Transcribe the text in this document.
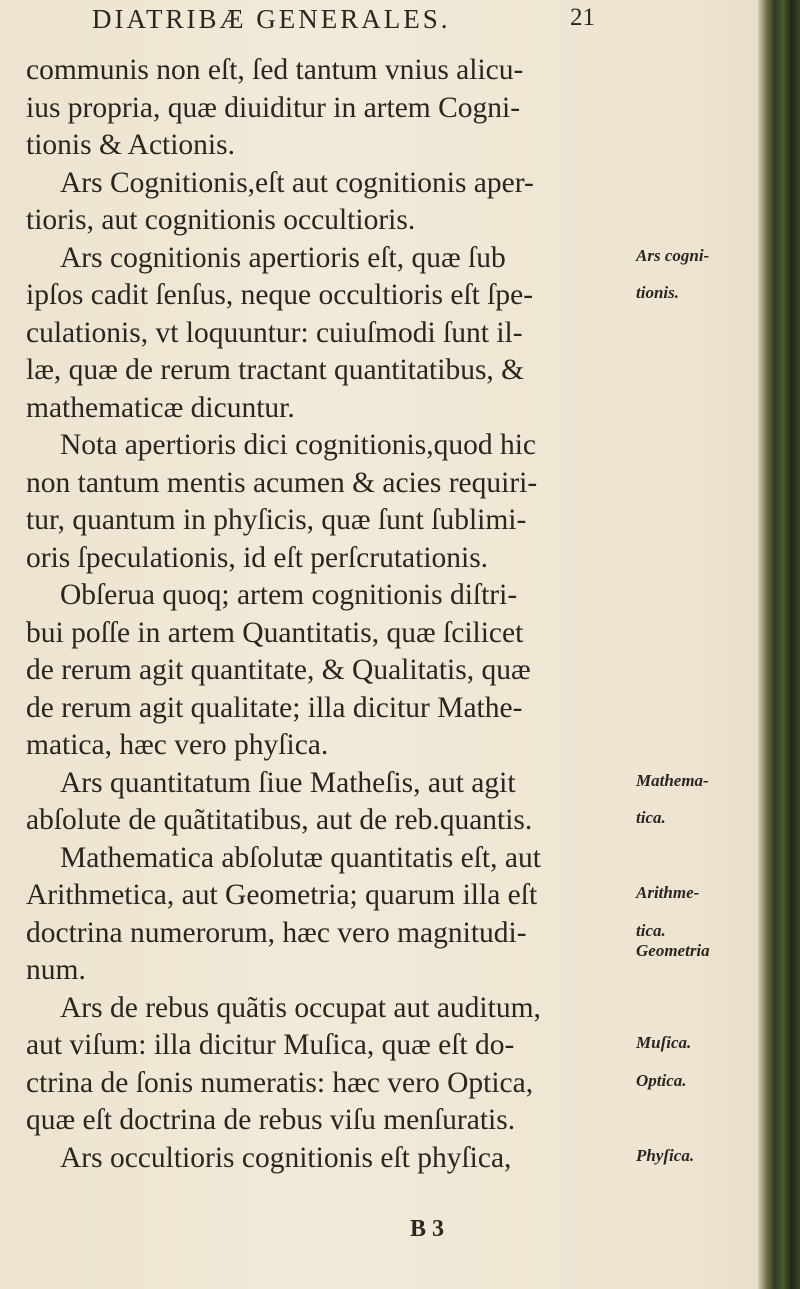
DIATRIBÆ GENERALES.	21
communis non eſt, ſed tantum vnius alicu-
ius propria, quæ diuiditur in artem Cogni-
tionis & Actionis.
Ars Cognitionis,eſt aut cognitionis aper-
tioris, aut cognitionis occultioris.
Ars cognitionis apertioris eſt, quæ ſub
ipſos cadit ſenſus, neque occultioris eſt ſpe-
culationis, vt loquuntur: cuiuſmodi ſunt il-
læ, quæ de rerum tractant quantitatibus, &
mathematicæ dicuntur.
Nota apertioris dici cognitionis,quod hic
non tantum mentis acumen & acies requiri-
tur, quantum in phyſicis, quæ ſunt ſublimi-
oris ſpeculationis, id eſt perſcrutationis.
Obſerua quoq; artem cognitionis diſtri-
bui poſſe in artem Quantitatis, quæ ſcilicet
de rerum agit quantitate, & Qualitatis, quæ
de rerum agit qualitate; illa dicitur Mathe-
matica, hæc vero phyſica.
Ars quantitatum ſiue Matheſis, aut agit
abſolute de quãtitatibus, aut de reb.quantis.
Mathematica abſolutæ quantitatis eſt, aut
Arithmetica, aut Geometria; quarum illa eſt
doctrina numerorum, hæc vero magnitudi-
num.
Ars de rebus quãtis occupat aut auditum,
aut viſum: illa dicitur Muſica, quæ eſt do-
ctrina de ſonis numeratis: hæc vero Optica,
quæ eſt doctrina de rebus viſu menſuratis.
Ars occultioris cognitionis eſt phyſica,
Ars cogni-
tionis.
Mathema-
tica.
Arithme-
tica.
Geometria
Muſica.
Optica.
Phyſica.
B 3
